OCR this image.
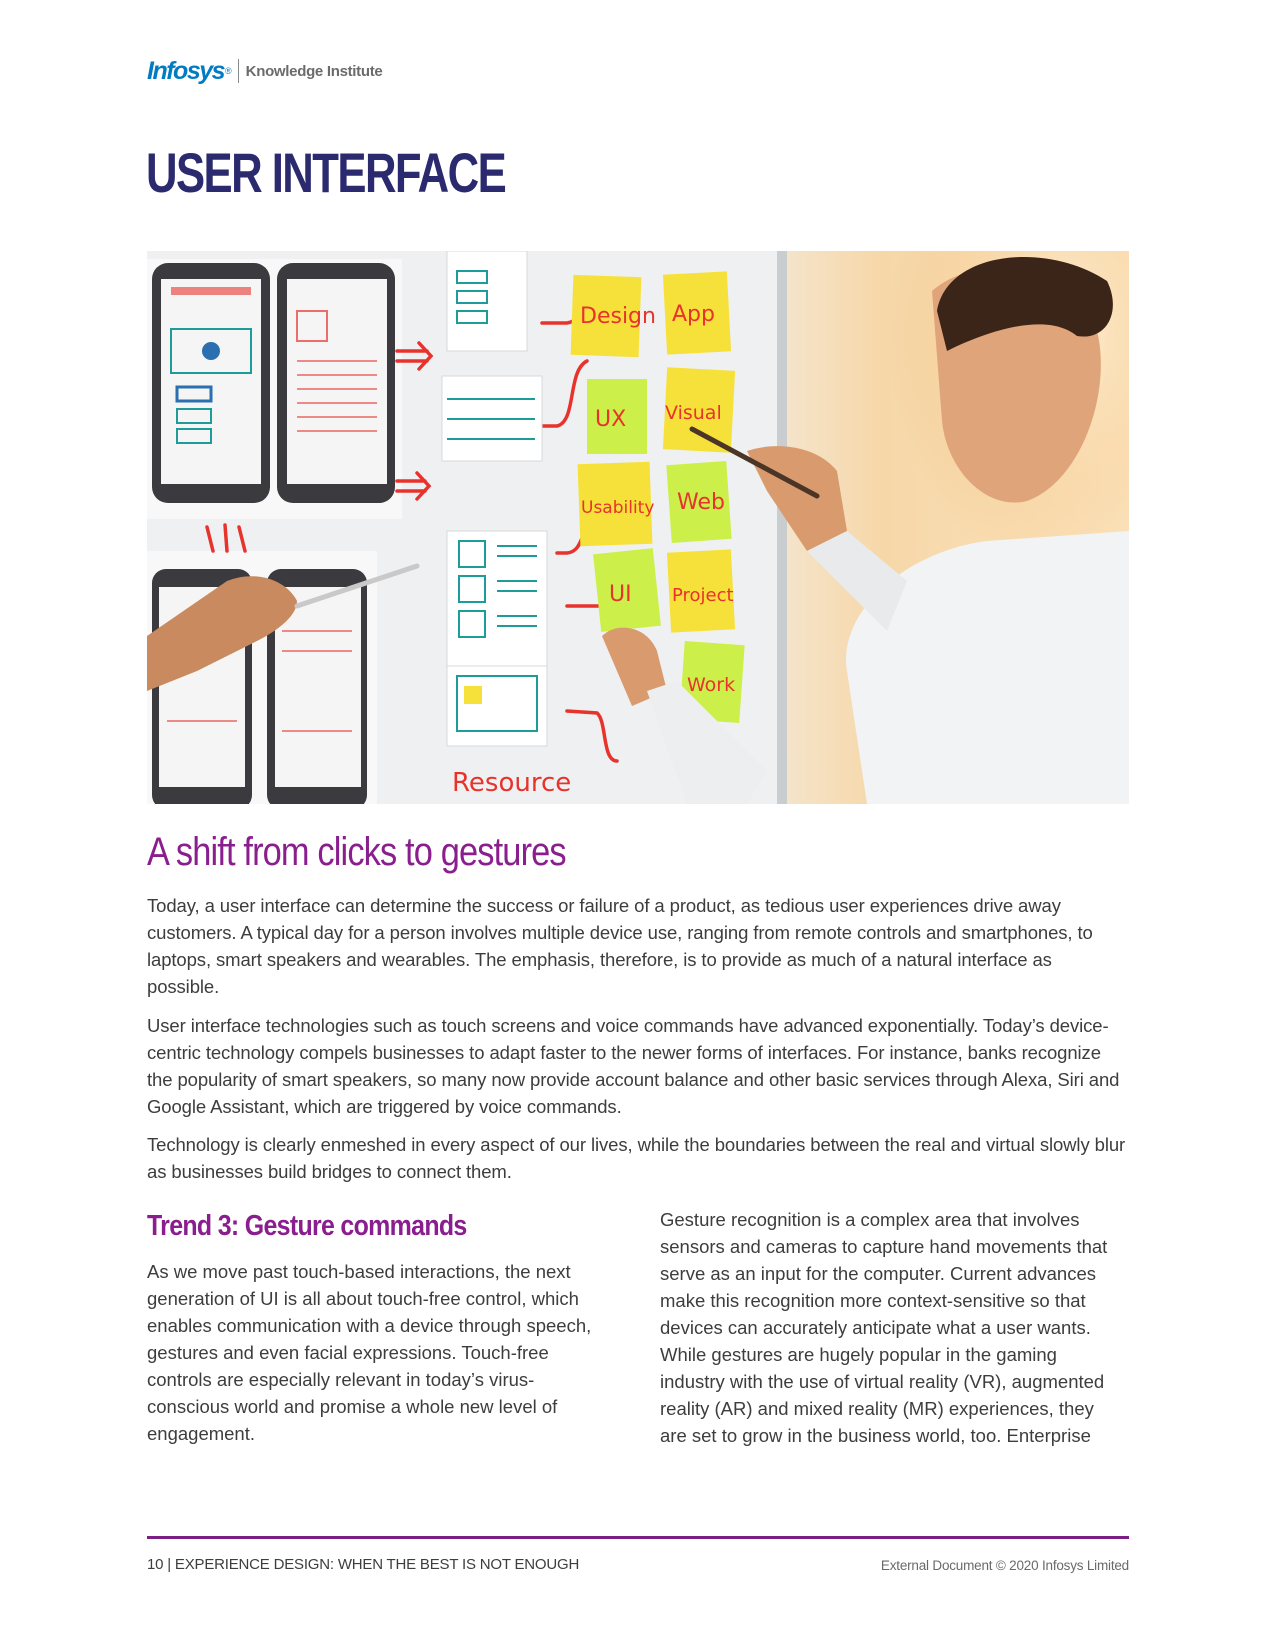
Infosys ® Knowledge Institute
USER INTERFACE
Design App
UX Visual
Usability Web
UI Project
Work
Resource
A shift from clicks to gestures

Today, a user interface can determine the success or failure of a product, as tedious user experiences drive away customers. A typical day for a person involves multiple device use, ranging from remote controls and smartphones, to laptops, smart speakers and wearables. The emphasis, therefore, is to provide as much of a natural interface as possible.

User interface technologies such as touch screens and voice commands have advanced exponentially. Today’s device-centric technology compels businesses to adapt faster to the newer forms of interfaces. For instance, banks recognize the popularity of smart speakers, so many now provide account balance and other basic services through Alexa, Siri and Google Assistant, which are triggered by voice commands.

Technology is clearly enmeshed in every aspect of our lives, while the boundaries between the real and virtual slowly blur as businesses build bridges to connect them.

Trend 3: Gesture commands

As we move past touch-based interactions, the next generation of UI is all about touch-free control, which enables communication with a device through speech, gestures and even facial expressions. Touch-free controls are especially relevant in today’s virus-conscious world and promise a whole new level of engagement.

Gesture recognition is a complex area that involves sensors and cameras to capture hand movements that serve as an input for the computer. Current advances make this recognition more context-sensitive so that devices can accurately anticipate what a user wants. While gestures are hugely popular in the gaming industry with the use of virtual reality (VR), augmented reality (AR) and mixed reality (MR) experiences, they are set to grow in the business world, too. Enterprise

10 | EXPERIENCE DESIGN: WHEN THE BEST IS NOT ENOUGH	External Document © 2020 Infosys Limited
